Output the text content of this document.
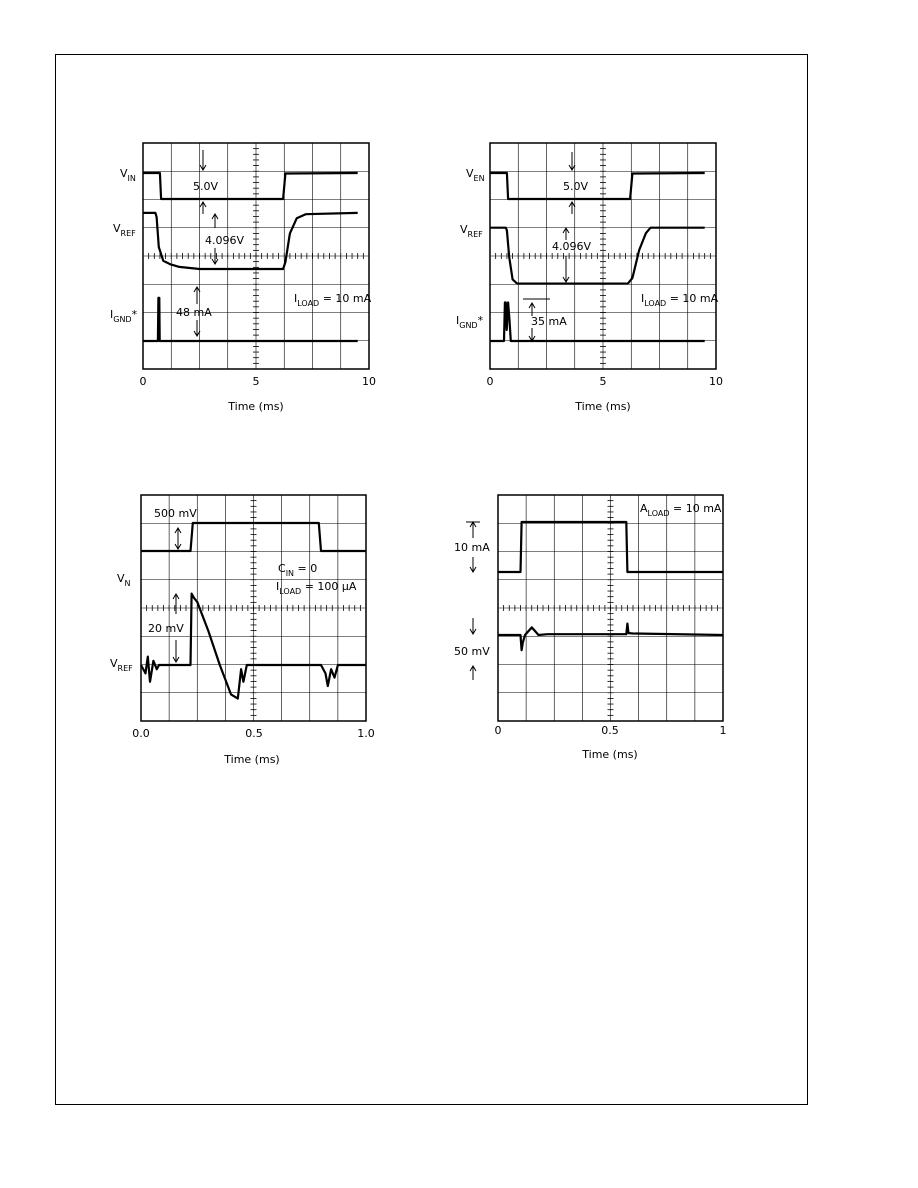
0	5	10
Time (ms)
$V_{IN}$
$V_{REF}$
$I_{GND}*$
5.0V
4.096V
48 mA
$I_{LOAD} = 10$ mA
0	5	10
Time (ms)
$V_{EN}$
$V_{REF}$
$I_{GND}*$
5.0V
4.096V
35 mA
$I_{LOAD} = 10$ mA
0.0	0.5	1.0
Time (ms)
$V_N$
$V_{REF}$
500 mV
20 mV
$C_{IN} = 0$
$I_{LOAD} = 100$ μA
0	0.5	1
Time (ms)
10 mA
50 mV
$A_{LOAD} = 10$ mA
